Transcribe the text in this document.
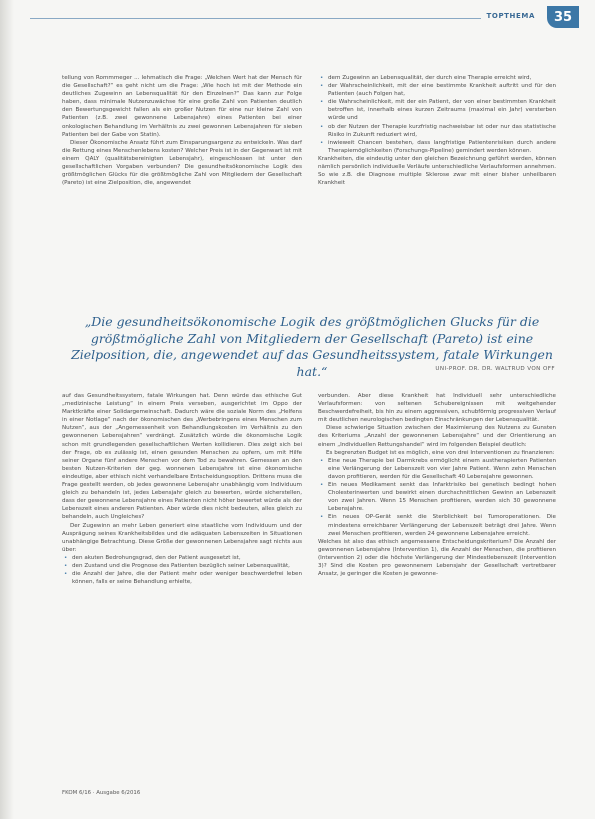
TOPTHEMA	35

tellung von Rommmeger ... lehmatisch die Frage: „Welchen Wert hat der Mensch für die Gesellschaft?“ es geht nicht um die Frage: „Wie hoch ist mit der Methode ein deutliches Zugewinn an Lebensqualität für den Einzelnen?“ Das kann zur Folge haben, dass minimale Nutzenzuwächse für eine große Zahl von Patienten deutlich den Bewertungsgewicht fallen als ein großer Nutzen für eine nur kleine Zahl von Patienten (z.B. zwei gewonnene Lebensjahre) eines Patienten bei einer onkologischen Behandlung im Verhältnis zu zwei gewonnen Lebensjahren für sieben Patienten bei der Gabe von Statin).

Dieser Ökonomische Ansatz führt zum Einsparungsargenz zu entwickeln. Was darf die Rettung eines Menschenlebens kosten? Welcher Preis ist in der Gegenwart ist mit einem QALY (qualitätsbereinigten Lebensjahr), eingeschlossen ist unter den gesellschaftlichen Vorgaben verbunden? Die gesundheitsökonomische Logik des größtmöglichen Glücks für die größtmögliche Zahl von Mitgliedern der Gesellschaft (Pareto) ist eine Zielposition, die, angewendet

• dem Zugewinn an Lebensqualität, der durch eine Therapie erreicht wird,
• der Wahrscheinlichkeit, mit der eine bestimmte Krankheit auftritt und für den Patienten (auch Folgen hat,
• die Wahrscheinlichkeit, mit der ein Patient, der von einer bestimmten Krankheit betroffen ist, innerhalb eines kurzen Zeitraums (maximal ein Jahr) versterben würde und
• ob der Nutzen der Therapie kurzfristig nachweisbar ist oder nur das statistische Risiko in Zukunft reduziert wird,
• inwieweit Chancen bestehen, dass langfristige Patientenrisiken durch andere Therapiemöglichkeiten (Forschungs-Pipeline) gemindert werden können.

Krankheiten, die eindeutig unter den gleichen Bezeichnung geführt werden, können nämlich persönlich individuelle Verläufe unterschiedliche Verlaufsformen annehmen. So wie z.B. die Diagnose multiple Sklerose zwar mit einer bisher unheilbaren Krankheit

„Die gesundheitsökonomische Logik des größtmöglichen Glucks für die größtmögliche Zahl von Mitgliedern der Gesellschaft (Pareto) ist eine Zielposition, die, angewendet auf das Gesundheitssystem, fatale Wirkungen hat.“	UNI-PROF. DR. DR. WALTRUD VON OFF

auf das Gesundheitssystem, fatale Wirkungen hat. Denn würde das ethische Gut „medizinische Leistung“ in einem Preis verseben, ausgerichtet im Oppo der Marktkräfte einer Solidargemeinschaft. Dadurch wäre die soziale Norm des „Helfens in einer Notlage“ nach der ökonomischen des „Werbebringens eines Menschen zum Nutzen“, aus der „Angemessenheit von Behandlungskosten im Verhältnis zu den gewonnenen Lebensjahren“ verdrängt. Zusätzlich würde die ökonomische Logik schon mit grundlegenden gesellschaftlichen Werten kollidieren. Dies zeigt sich bei der Frage, ob es zulässig ist, einen gesunden Menschen zu opfern, um mit Hilfe seiner Organe fünf andere Menschen vor dem Tod zu bewahren. Gemessen an den besten Nutzen-Kriterien der geg. wonnenen Lebensjahre ist eine ökonomische eindeutige, aber ethisch nicht verhandelbare Entscheidungsoption. Drittens muss die Frage gestellt werden, ob jedes gewonnene Lebensjahr unabhängig vom Individuum gleich zu behandeln ist, jedes Lebensjahr gleich zu bewerten, würde sicherstellen, dass der gewonnene Lebensjahre eines Patienten nicht höher bewertet würde als der Lebenszeit eines anderen Patienten. Aber würde dies nicht bedeuten, alles gleich zu behandeln, auch Ungleiches?

Der Zugewinn an mehr Leben generiert eine staatliche vom Individuum und der Ausprägung seines Krankheitsbildes und die adäquaten Lebenszeiten in Situationen unabhängige Betrachtung. Diese Größe der gewonnenen Lebensjahre sagt nichts aus über:

• den akuten Bedrohungsgrad, den der Patient ausgesetzt ist,
• den Zustand und die Prognose des Patienten bezüglich seiner Lebensqualität,
• die Anzahl der Jahre, die der Patient mehr oder weniger beschwerdefrei leben können, falls er seine Behandlung erhielte,

verbunden. Aber diese Krankheit hat Individuell sehr unterschiedliche Verlaufsformen: von seltenen Schubereignissen mit weitgehender Beschwerdefreiheit, bis hin zu einem aggressiven, schubförmig progressiven Verlauf mit deutlichen neurologischen bedingten Einschränkungen der Lebensqualität.

Diese schwierige Situation zwischen der Maximierung des Nutzens zu Gunsten des Kriteriums „Anzahl der gewonnenen Lebensjahre“ und der Orientierung an einem „Individuellen Rettungshandel“ wird im folgenden Beispiel deutlich:

Es begrenzten Budget ist es möglich, eine von drei Interventionen zu finanzieren:

• Eine neue Therapie bei Darmkrebs ermöglicht einem austherapierten Patienten eine Verlängerung der Lebenszeit von vier Jahre Patient. Wenn zehn Menschen davon profitieren, werden für die Gesellschaft 40 Lebensjahre gewonnen.
• Ein neues Medikament senkt das Infarktrisiko bei genetisch bedingt hohen Cholesterinwerten und bewirkt einen durchschnittlichen Gewinn an Lebenszeit von zwei Jahren. Wenn 15 Menschen profitieren, werden sich 30 gewonnene Lebensjahre.
• Ein neues OP-Gerät senkt die Sterblichkeit bei Tumoroperationen. Die mindestens erreichbarer Verlängerung der Lebenszeit beträgt drei Jahre. Wenn zwei Menschen profitieren, werden 24 gewonnene Lebensjahre erreicht.

Welches ist also das ethisch angemessene Entscheidungskriterium? Die Anzahl der gewonnenen Lebensjahre (Intervention 1), die Anzahl der Menschen, die profitieren (Intervention 2) oder die höchste Verlängerung der Mindestlebenszeit (Intervention 3)? Sind die Kosten pro gewonnenem Lebensjahr der Gesellschaft vertretbarer Ansatz, je geringer die Kosten je gewonne-

FKOM 6/16 · Ausgabe 6/2016
